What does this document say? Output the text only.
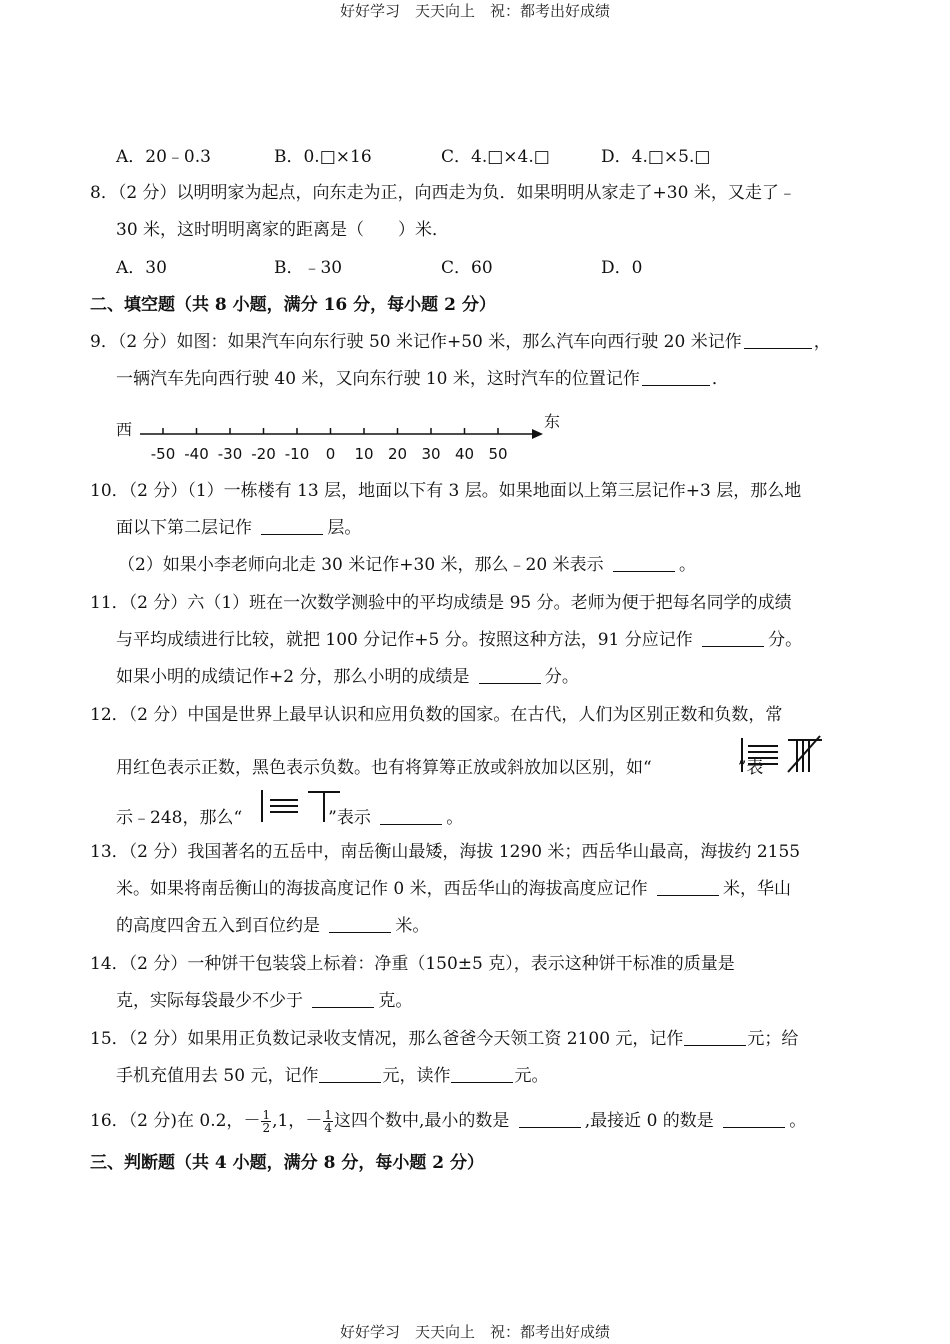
好好学习　天天向上　祝：都考出好成绩
A．20﹣0.3	B．0.□×16	C．4.□×4.□	D．4.□×5.□
8．（2 分）以明明家为起点，向东走为正，向西走为负．如果明明从家走了+30 米，又走了﹣
30 米，这时明明离家的距离是（　　）米．
A．30	B．﹣30	C．60	D．0
二、填空题（共 8 小题，满分 16 分，每小题 2 分）
9．（2 分）如图：如果汽车向东行驶 50 米记作+50 米，那么汽车向西行驶 20 米记作	，
一辆汽车先向西行驶 40 米，又向东行驶 10 米，这时汽车的位置记作	．
西	东
-50 -40 -30 -20 -10	0	10 20 30 40 50
10．（2 分）（1）一栋楼有 13 层，地面以下有 3 层。如果地面以上第三层记作+3 层，那么地
面以下第二层记作	层。
（2）如果小李老师向北走 30 米记作+30 米，那么﹣20 米表示	。
11．（2 分）六（1）班在一次数学测验中的平均成绩是 95 分。老师为便于把每名同学的成绩
与平均成绩进行比较，就把 100 分记作+5 分。按照这种方法，91 分应记作	分。
如果小明的成绩记作+2 分，那么小明的成绩是	分。
12．（2 分）中国是世界上最早认识和应用负数的国家。在古代，人们为区别正数和负数，常
用红色表示正数，黑色表示负数。也有将算筹正放或斜放加以区别，如“	”表
示﹣248，那么“	”表示	。
13．（2 分）我国著名的五岳中，南岳衡山最矮，海拔 1290 米；西岳华山最高，海拔约 2155
米。如果将南岳衡山的海拔高度记作 0 米，西岳华山的海拔高度应记作	米，华山
的高度四舍五入到百位约是	米。
14．（2 分）一种饼干包装袋上标着：净重（150±5 克），表示这种饼干标准的质量是
克，实际每袋最少不少于	克。
15．（2 分）如果用正负数记录收支情况，那么爸爸今天领工资 2100 元，记作	元；给
手机充值用去 50 元，记作	元，读作	元。
16．（2 分)在 0.2，－ $\frac{1}{2} ,1$，－ $\frac{1}{4}$ 这四个数中,最小的数是	,最接近 0 的数是	。
三、判断题（共 4 小题，满分 8 分，每小题 2 分）
好好学习　天天向上　祝：都考出好成绩
